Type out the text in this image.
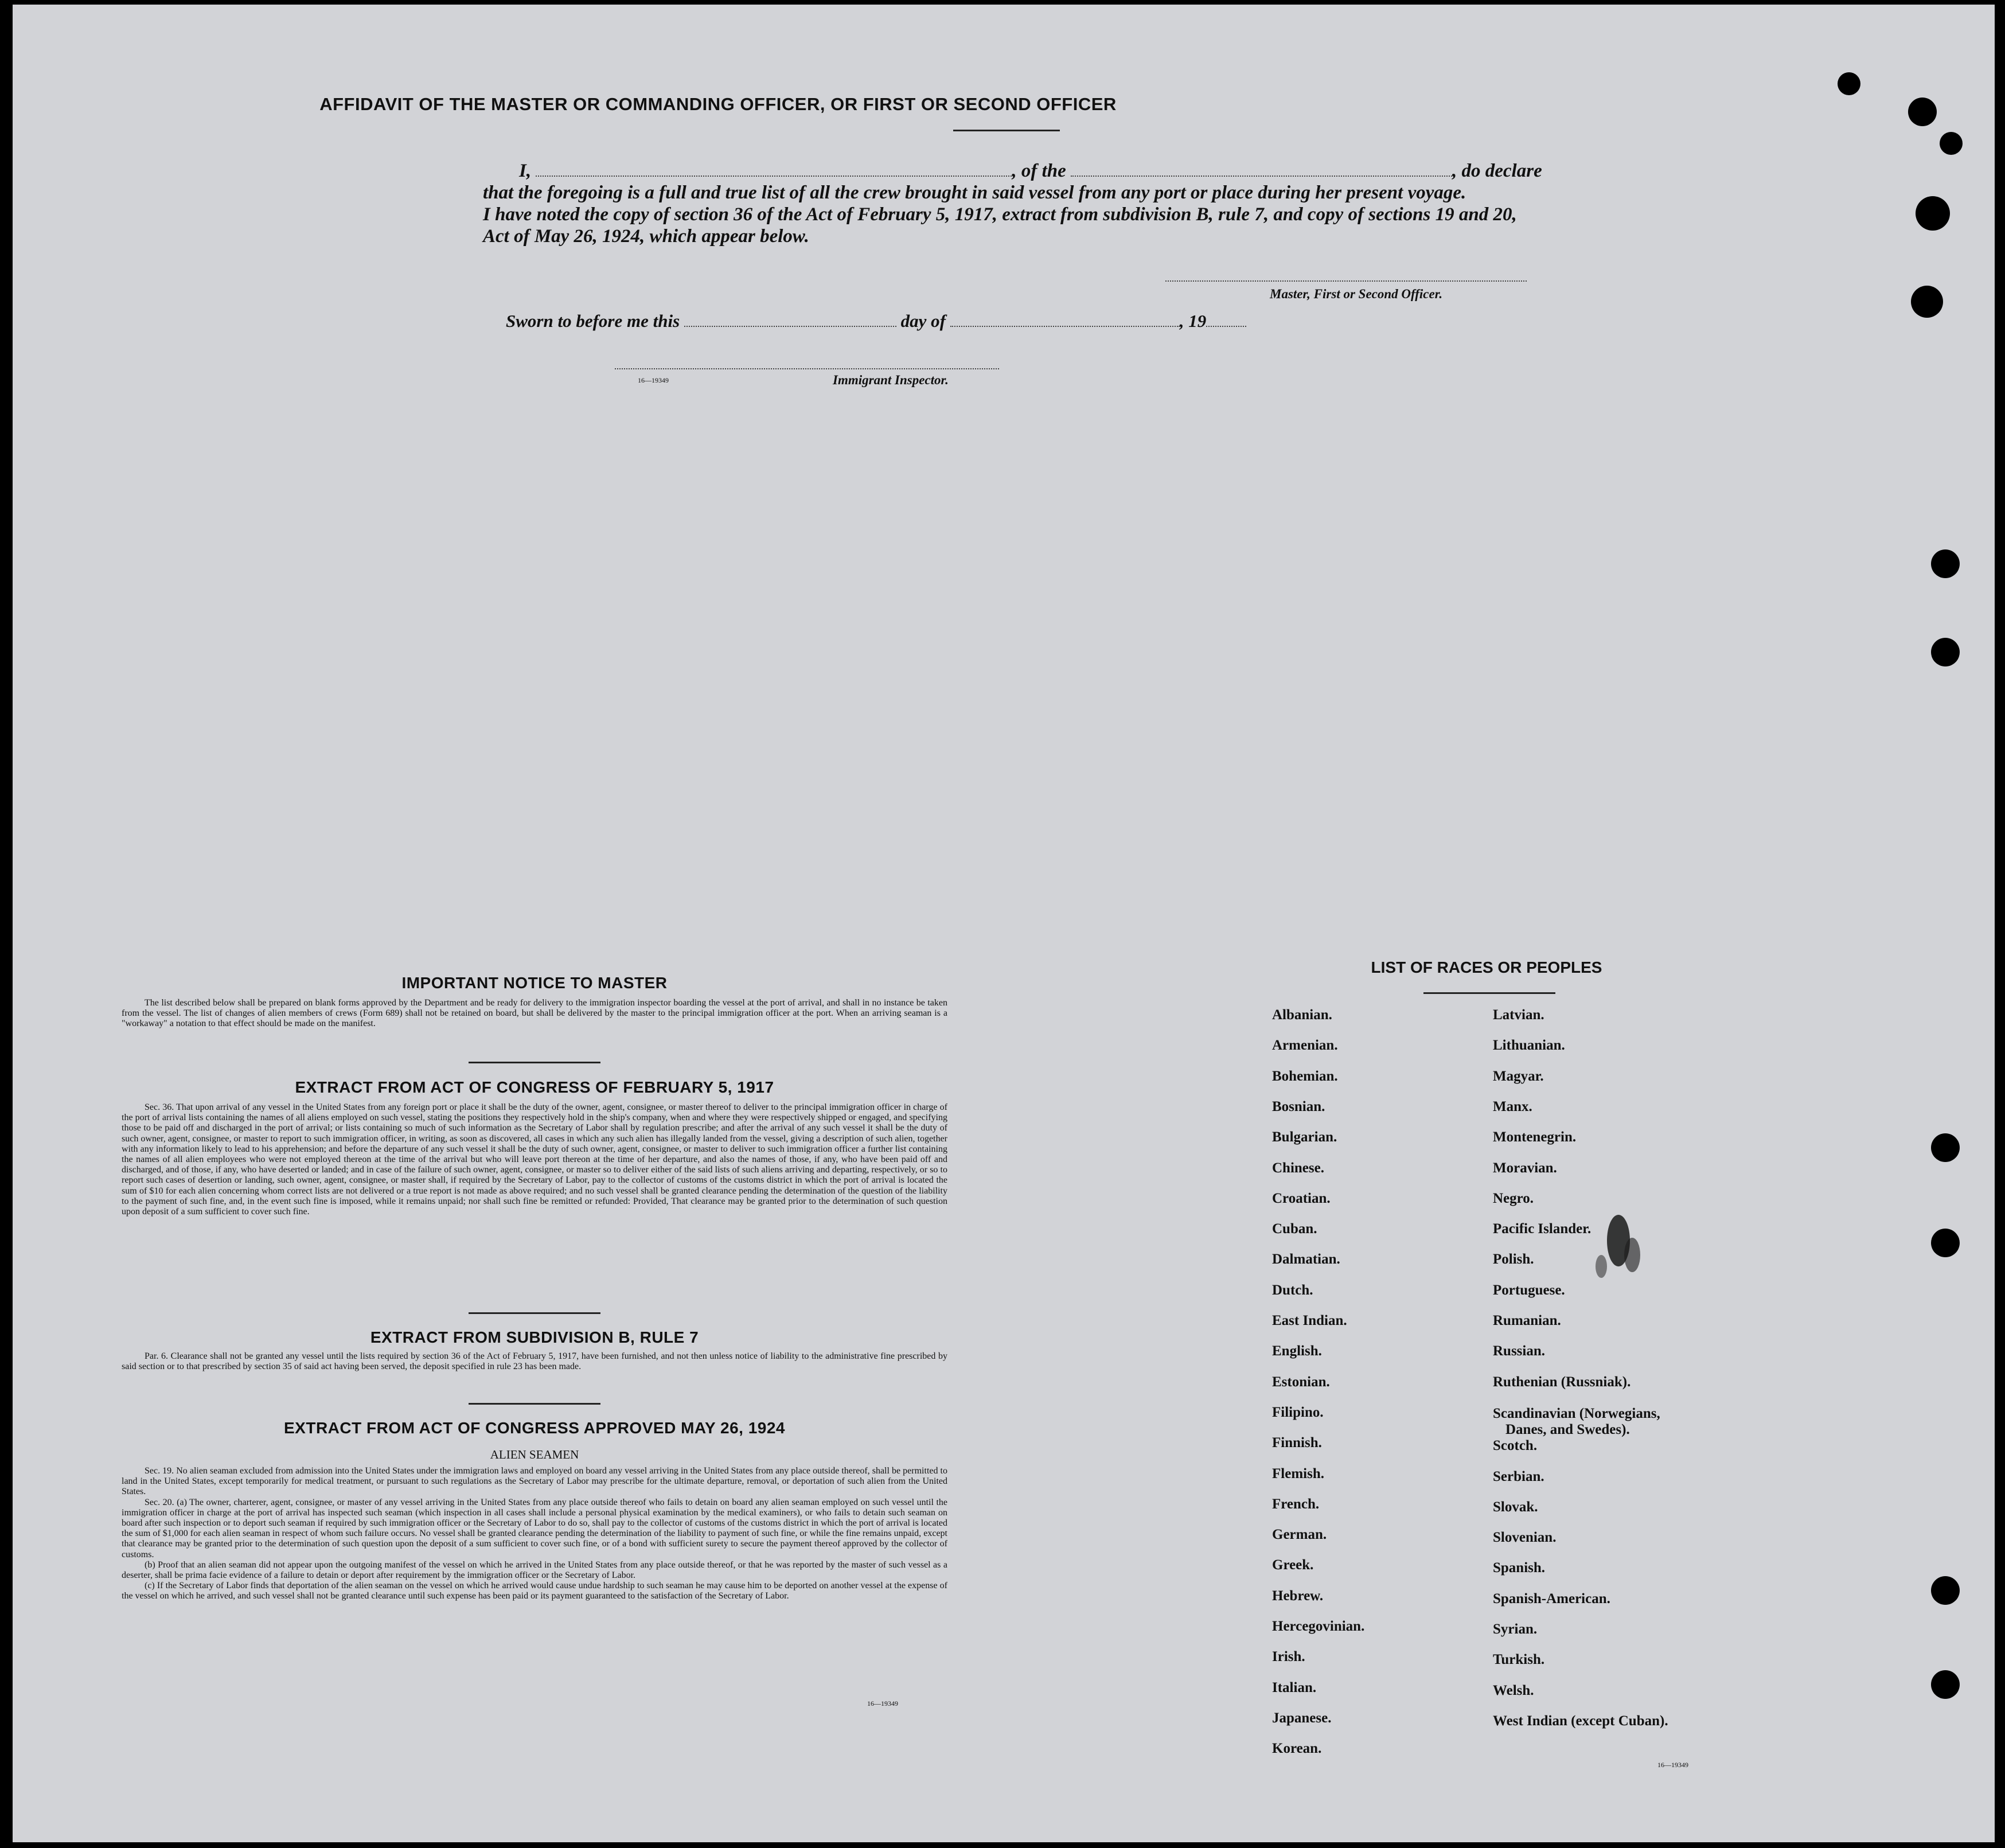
AFFIDAVIT OF THE MASTER OR COMMANDING OFFICER, OR FIRST OR SECOND OFFICER
I,	, of the	, do declare
that the foregoing is a full and true list of all the crew brought in said vessel from any port or place during her present voyage.
I have noted the copy of section 36 of the Act of February 5, 1917, extract from subdivision B, rule 7, and copy of sections 19 and 20,
Act of May 26, 1924, which appear below.
Master, First or Second Officer.
Sworn to before me this	day of	, 19
16—19349	Immigrant Inspector.
IMPORTANT NOTICE TO MASTER
The list described below shall be prepared on blank forms approved by the Department and be ready for delivery to the immigration inspector boarding the vessel at the port of arrival, and shall in no instance be taken from the vessel. The list of changes of alien members of crews (Form 689) shall not be retained on board, but shall be delivered by the master to the principal immigration officer at the port. When an arriving seaman is a "workaway" a notation to that effect should be made on the manifest.
EXTRACT FROM ACT OF CONGRESS OF FEBRUARY 5, 1917
Sec. 36. That upon arrival of any vessel in the United States from any foreign port or place it shall be the duty of the owner, agent, consignee, or master thereof to deliver to the principal immigration officer in charge of the port of arrival lists containing the names of all aliens employed on such vessel, stating the positions they respectively hold in the ship's company, when and where they were respectively shipped or engaged, and specifying those to be paid off and discharged in the port of arrival; or lists containing so much of such information as the Secretary of Labor shall by regulation prescribe; and after the arrival of any such vessel it shall be the duty of such owner, agent, consignee, or master to report to such immigration officer, in writing, as soon as discovered, all cases in which any such alien has illegally landed from the vessel, giving a description of such alien, together with any information likely to lead to his apprehension; and before the departure of any such vessel it shall be the duty of such owner, agent, consignee, or master to deliver to such immigration officer a further list containing the names of all alien employees who were not employed thereon at the time of the arrival but who will leave port thereon at the time of her departure, and also the names of those, if any, who have been paid off and discharged, and of those, if any, who have deserted or landed; and in case of the failure of such owner, agent, consignee, or master so to deliver either of the said lists of such aliens arriving and departing, respectively, or so to report such cases of desertion or landing, such owner, agent, consignee, or master shall, if required by the Secretary of Labor, pay to the collector of customs of the customs district in which the port of arrival is located the sum of $10 for each alien concerning whom correct lists are not delivered or a true report is not made as above required; and no such vessel shall be granted clearance pending the determination of the question of the liability to the payment of such fine, and, in the event such fine is imposed, while it remains unpaid; nor shall such fine be remitted or refunded: Provided, That clearance may be granted prior to the determination of such question upon deposit of a sum sufficient to cover such fine.
EXTRACT FROM SUBDIVISION B, RULE 7
Par. 6. Clearance shall not be granted any vessel until the lists required by section 36 of the Act of February 5, 1917, have been furnished, and not then unless notice of liability to the administrative fine prescribed by said section or to that prescribed by section 35 of said act having been served, the deposit specified in rule 23 has been made.
EXTRACT FROM ACT OF CONGRESS APPROVED MAY 26, 1924
ALIEN SEAMEN

Sec. 19. No alien seaman excluded from admission into the United States under the immigration laws and employed on board any vessel arriving in the United States from any place outside thereof, shall be permitted to land in the United States, except temporarily for medical treatment, or pursuant to such regulations as the Secretary of Labor may prescribe for the ultimate departure, removal, or deportation of such alien from the United States.

Sec. 20. (a) The owner, charterer, agent, consignee, or master of any vessel arriving in the United States from any place outside thereof who fails to detain on board any alien seaman employed on such vessel until the immigration officer in charge at the port of arrival has inspected such seaman (which inspection in all cases shall include a personal physical examination by the medical examiners), or who fails to detain such seaman on board after such inspection or to deport such seaman if required by such immigration officer or the Secretary of Labor to do so, shall pay to the collector of customs of the customs district in which the port of arrival is located the sum of $1,000 for each alien seaman in respect of whom such failure occurs. No vessel shall be granted clearance pending the determination of the liability to payment of such fine, or while the fine remains unpaid, except that clearance may be granted prior to the determination of such question upon the deposit of a sum sufficient to cover such fine, or of a bond with sufficient surety to secure the payment thereof approved by the collector of customs.

(b) Proof that an alien seaman did not appear upon the outgoing manifest of the vessel on which he arrived in the United States from any place outside thereof, or that he was reported by the master of such vessel as a deserter, shall be prima facie evidence of a failure to detain or deport after requirement by the immigration officer or the Secretary of Labor.

(c) If the Secretary of Labor finds that deportation of the alien seaman on the vessel on which he arrived would cause undue hardship to such seaman he may cause him to be deported on another vessel at the expense of the vessel on which he arrived, and such vessel shall not be granted clearance until such expense has been paid or its payment guaranteed to the satisfaction of the Secretary of Labor.

16—19349
LIST OF RACES OR PEOPLES
Albanian.
Armenian.
Bohemian.
Bosnian.
Bulgarian.
Chinese.
Croatian.
Cuban.
Dalmatian.
Dutch.
East Indian.
English.
Estonian.
Filipino.
Finnish.
Flemish.
French.
German.
Greek.
Hebrew.
Hercegovinian.
Irish.
Italian.
Japanese.
Korean.
Latvian.
Lithuanian.
Magyar.
Manx.
Montenegrin.
Moravian.
Negro.
Pacific Islander.
Polish.
Portuguese.
Rumanian.
Russian.
Ruthenian (Russniak).
Scandinavian (Norwegians,
Danes, and Swedes).
Scotch.
Serbian.
Slovak.
Slovenian.
Spanish.
Spanish-American.
Syrian.
Turkish.
Welsh.
West Indian (except Cuban).
16—19349
